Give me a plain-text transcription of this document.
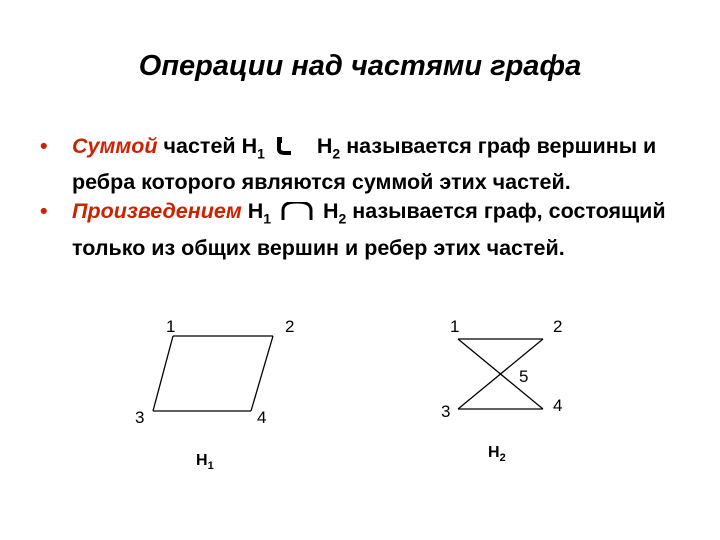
Операции над частями графа
• Суммой частей $H_1$  $H_2$ называется граф вершины и ребра которого являются суммой этих частей.
• Произведением $H_1$  $H_2$ называется граф, состоящий только из общих вершин и ребер этих частей.
1	2
3	4
$H_1$
1	2
5
3	4
$H_2$
